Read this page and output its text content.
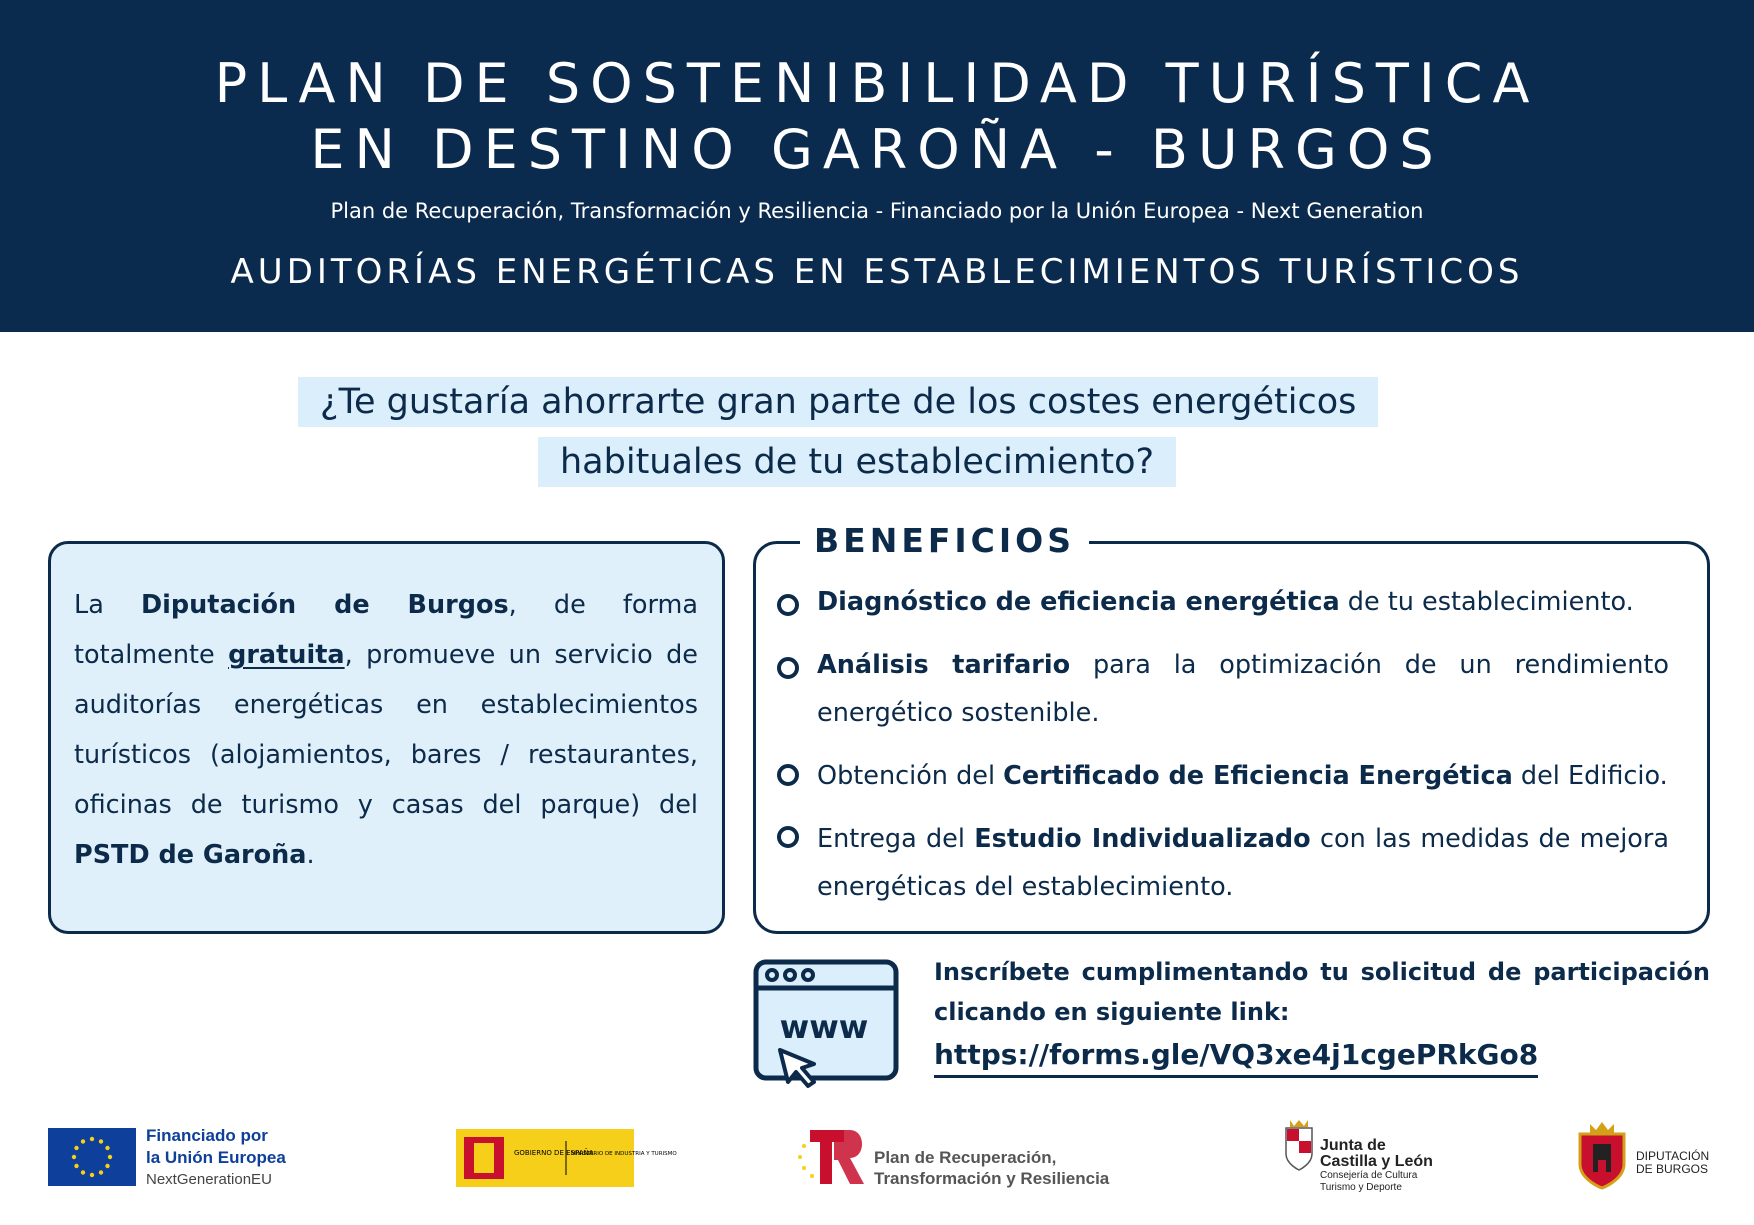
PLAN DE SOSTENIBILIDAD TURÍSTICA
EN DESTINO GAROÑA - BURGOS
Plan de Recuperación, Transformación y Resiliencia - Financiado por la Unión Europea - Next Generation
AUDITORÍAS ENERGÉTICAS EN ESTABLECIMIENTOS TURÍSTICOS
¿Te gustaría ahorrarte gran parte de los costes energéticos
habituales de tu establecimiento?
La Diputación de Burgos, de forma totalmente gratuita, promueve un servicio de auditorías energéticas en establecimientos turísticos (alojamientos, bares / restaurantes, oficinas de turismo y casas del parque) del PSTD de Garoña.
BENEFICIOS
Diagnóstico de eficiencia energética de tu establecimiento.
Análisis tarifario para la optimización de un rendimiento energético sostenible.
Obtención del Certificado de Eficiencia Energética del Edificio.
Entrega del Estudio Individualizado con las medidas de mejora energéticas del establecimiento.
www
Inscríbete cumplimentando tu solicitud de participación clicando en siguiente link:
https://forms.gle/VQ3xe4j1cgePRkGo8
Financiado por
la Unión Europea
NextGenerationEU
GOBIERNO DE ESPAÑA
MINISTERIO DE INDUSTRIA Y TURISMO	Plan de Recuperación,
Transformación y Resiliencia
Junta de
Castilla y León
Consejería de Cultura
Turismo y Deporte
DIPUTACIÓN
DE BURGOS
